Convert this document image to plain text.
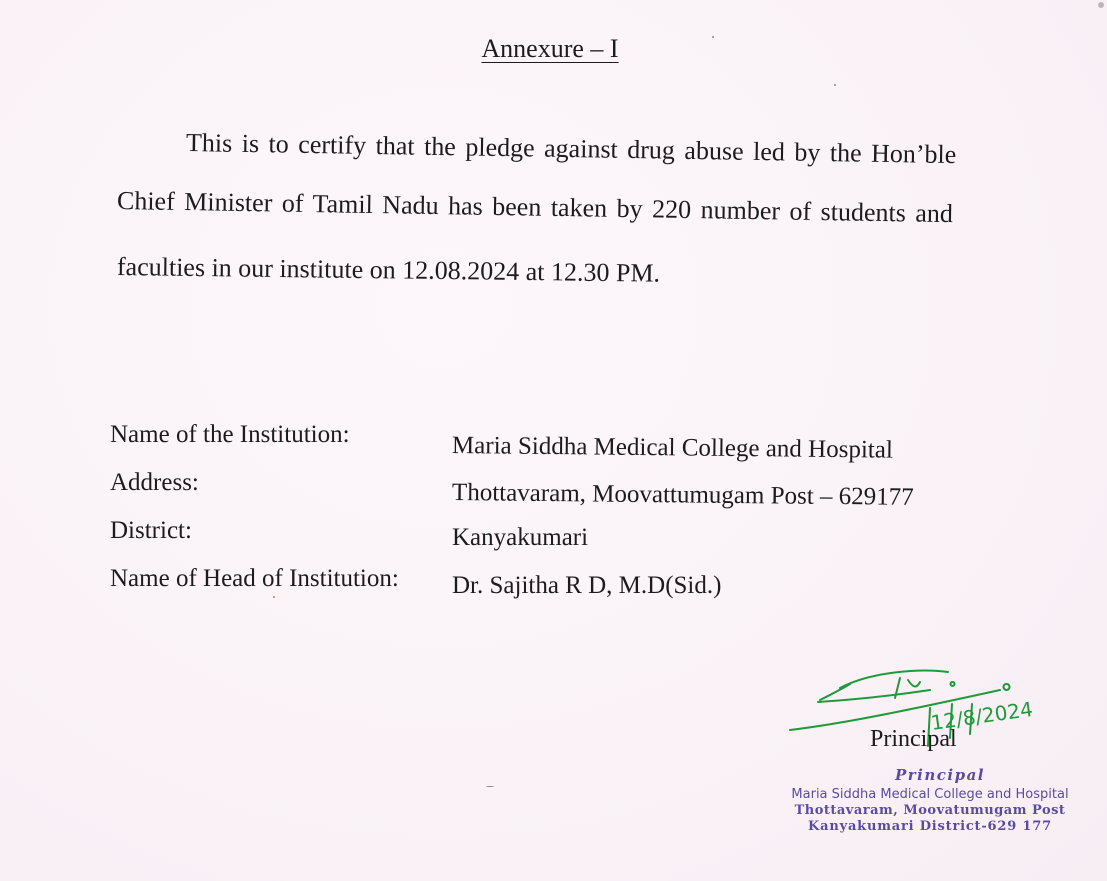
Annexure – I
This is to certify that the pledge against drug abuse led by the Hon’ble
Chief Minister of Tamil Nadu has been taken by 220 number of students and
faculties in our institute on 12.08.2024 at 12.30 PM.
Name of the Institution:	Maria Siddha Medical College and Hospital
Address:	Thottavaram, Moovattumugam Post – 629177
District:	Kanyakumari
Name of Head of Institution: Dr. Sajitha R D, M.D(Sid.)
12/8/2024
Principal
Principal
Maria Siddha Medical College and Hospital
Thottavaram, Moovatumugam Post
Kanyakumari District-629 177
